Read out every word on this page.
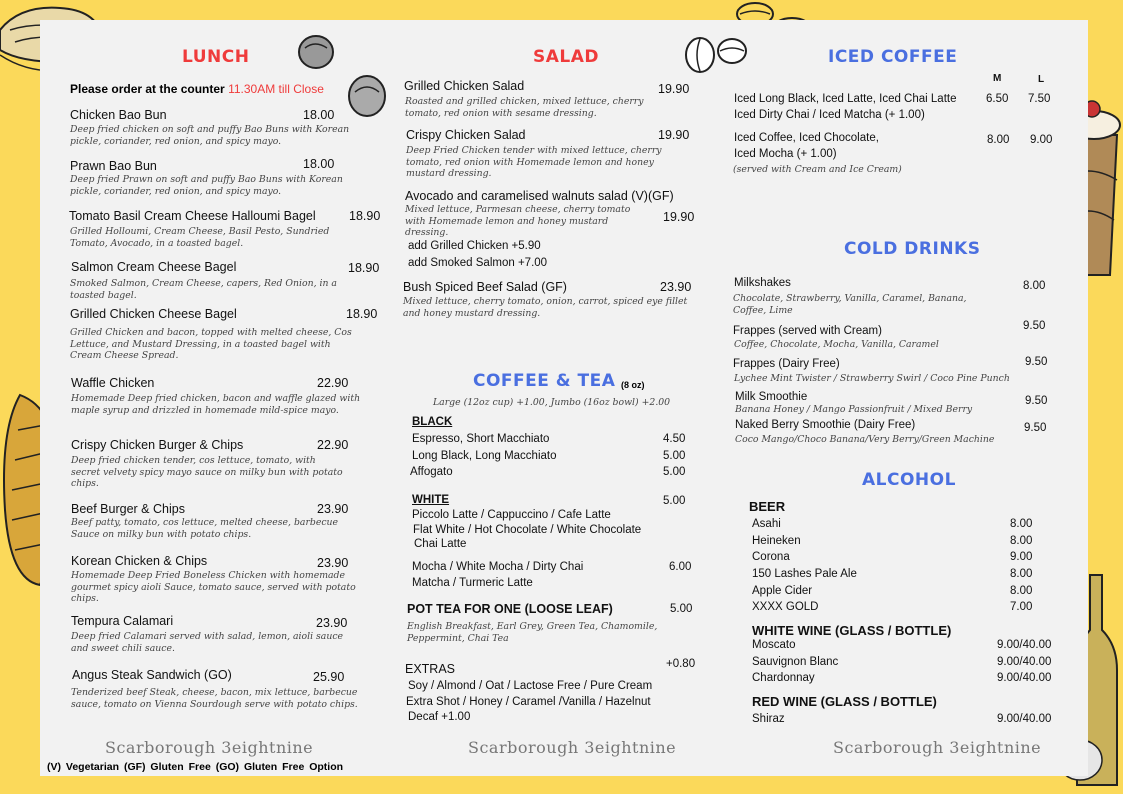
LUNCH
Please order at the counter 11.30AM till Close
Chicken Bao Bun	18.00
Deep fried chicken on soft and puffy Bao Buns with Korean pickle, coriander, red onion, and spicy mayo.
Prawn Bao Bun	18.00
Deep fried Prawn on soft and puffy Bao Buns with Korean pickle, coriander, red onion, and spicy mayo.
Tomato Basil Cream Cheese Halloumi Bagel	18.90
Grilled Holloumi, Cream Cheese, Basil Pesto, Sundried Tomato, Avocado, in a toasted bagel.
Salmon Cream Cheese Bagel	18.90
Smoked Salmon, Cream Cheese, capers, Red Onion, in a toasted bagel.
Grilled Chicken Cheese Bagel	18.90
Grilled Chicken and bacon, topped with melted cheese, Cos Lettuce, and Mustard Dressing, in a toasted bagel with Cream Cheese Spread.
Waffle Chicken	22.90
Homemade Deep fried chicken, bacon and waffle glazed with maple syrup and drizzled in homemade mild-spice mayo.
Crispy Chicken Burger & Chips	22.90
Deep fried chicken tender, cos lettuce, tomato, with secret velvety spicy mayo sauce on milky bun with potato chips.
Beef Burger & Chips	23.90
Beef patty, tomato, cos lettuce, melted cheese, barbecue Sauce on milky bun with potato chips.
Korean Chicken & Chips	23.90
Homemade Deep Fried Boneless Chicken with homemade gourmet spicy aioli Sauce, tomato sauce, served with potato chips.
Tempura Calamari	23.90
Deep fried Calamari served with salad, lemon, aioli sauce and sweet chili sauce.
Angus Steak Sandwich (GO)	25.90
Tenderized beef Steak, cheese, bacon, mix lettuce, barbecue sauce, tomato on Vienna Sourdough serve with potato chips.
SALAD
Grilled Chicken Salad	19.90
Roasted and grilled chicken, mixed lettuce, cherry tomato, red onion with sesame dressing.
Crispy Chicken Salad	19.90
Deep Fried Chicken tender with mixed lettuce, cherry tomato, red onion with Homemade lemon and honey mustard dressing.
Avocado and caramelised walnuts salad (V)(GF)
19.90
Mixed lettuce, Parmesan cheese, cherry tomato with Homemade lemon and honey mustard dressing.
add Grilled Chicken +5.90
add Smoked Salmon +7.00
Bush Spiced Beef Salad (GF)	23.90
Mixed lettuce, cherry tomato, onion, carrot, spiced eye fillet and honey mustard dressing.
COFFEE & TEA (8 oz)
Large (12oz cup) +1.00, Jumbo (16oz bowl) +2.00
BLACK
Espresso, Short Macchiato	4.50
Long Black, Long Macchiato	5.00
Affogato	5.00
WHITE	5.00
Piccolo Latte / Cappuccino / Cafe Latte
Flat White / Hot Chocolate / White Chocolate
Chai Latte
Mocha / White Mocha / Dirty Chai	6.00
Matcha / Turmeric Latte
POT TEA FOR ONE (LOOSE LEAF)	5.00
English Breakfast, Earl Grey, Green Tea, Chamomile, Peppermint, Chai Tea
EXTRAS	+0.80
Soy / Almond / Oat / Lactose Free / Pure Cream
Extra Shot / Honey / Caramel /Vanilla / Hazelnut
Decaf +1.00
ICED COFFEE
M	L
Iced Long Black, Iced Latte, Iced Chai Latte
Iced Dirty Chai / Iced Matcha (+ 1.00)
6.50 7.50
Iced Coffee, Iced Chocolate,
Iced Mocha (+ 1.00)
8.00 9.00
(served with Cream and Ice Cream)
COLD DRINKS
Milkshakes	8.00
Chocolate, Strawberry, Vanilla, Caramel, Banana, Coffee, Lime
Frappes (served with Cream)	9.50
Coffee, Chocolate, Mocha, Vanilla, Caramel
Frappes (Dairy Free)	9.50
Lychee Mint Twister / Strawberry Swirl / Coco Pine Punch
Milk Smoothie	9.50
Banana Honey / Mango Passionfruit / Mixed Berry
Naked Berry Smoothie (Dairy Free)	9.50
Coco Mango/Choco Banana/Very Berry/Green Machine
ALCOHOL
BEER
Asahi	8.00
Heineken	8.00
Corona	9.00
150 Lashes Pale Ale	8.00
Apple Cider	8.00
XXXX GOLD	7.00
WHITE WINE (GLASS / BOTTLE)
Moscato	9.00/40.00
Sauvignon Blanc	9.00/40.00
Chardonnay	9.00/40.00
RED WINE (GLASS / BOTTLE)
Shiraz	9.00/40.00
Scarborough 3eightnine	Scarborough 3eightnine	Scarborough 3eightnine
(V) Vegetarian (GF) Gluten Free (GO) Gluten Free Option
